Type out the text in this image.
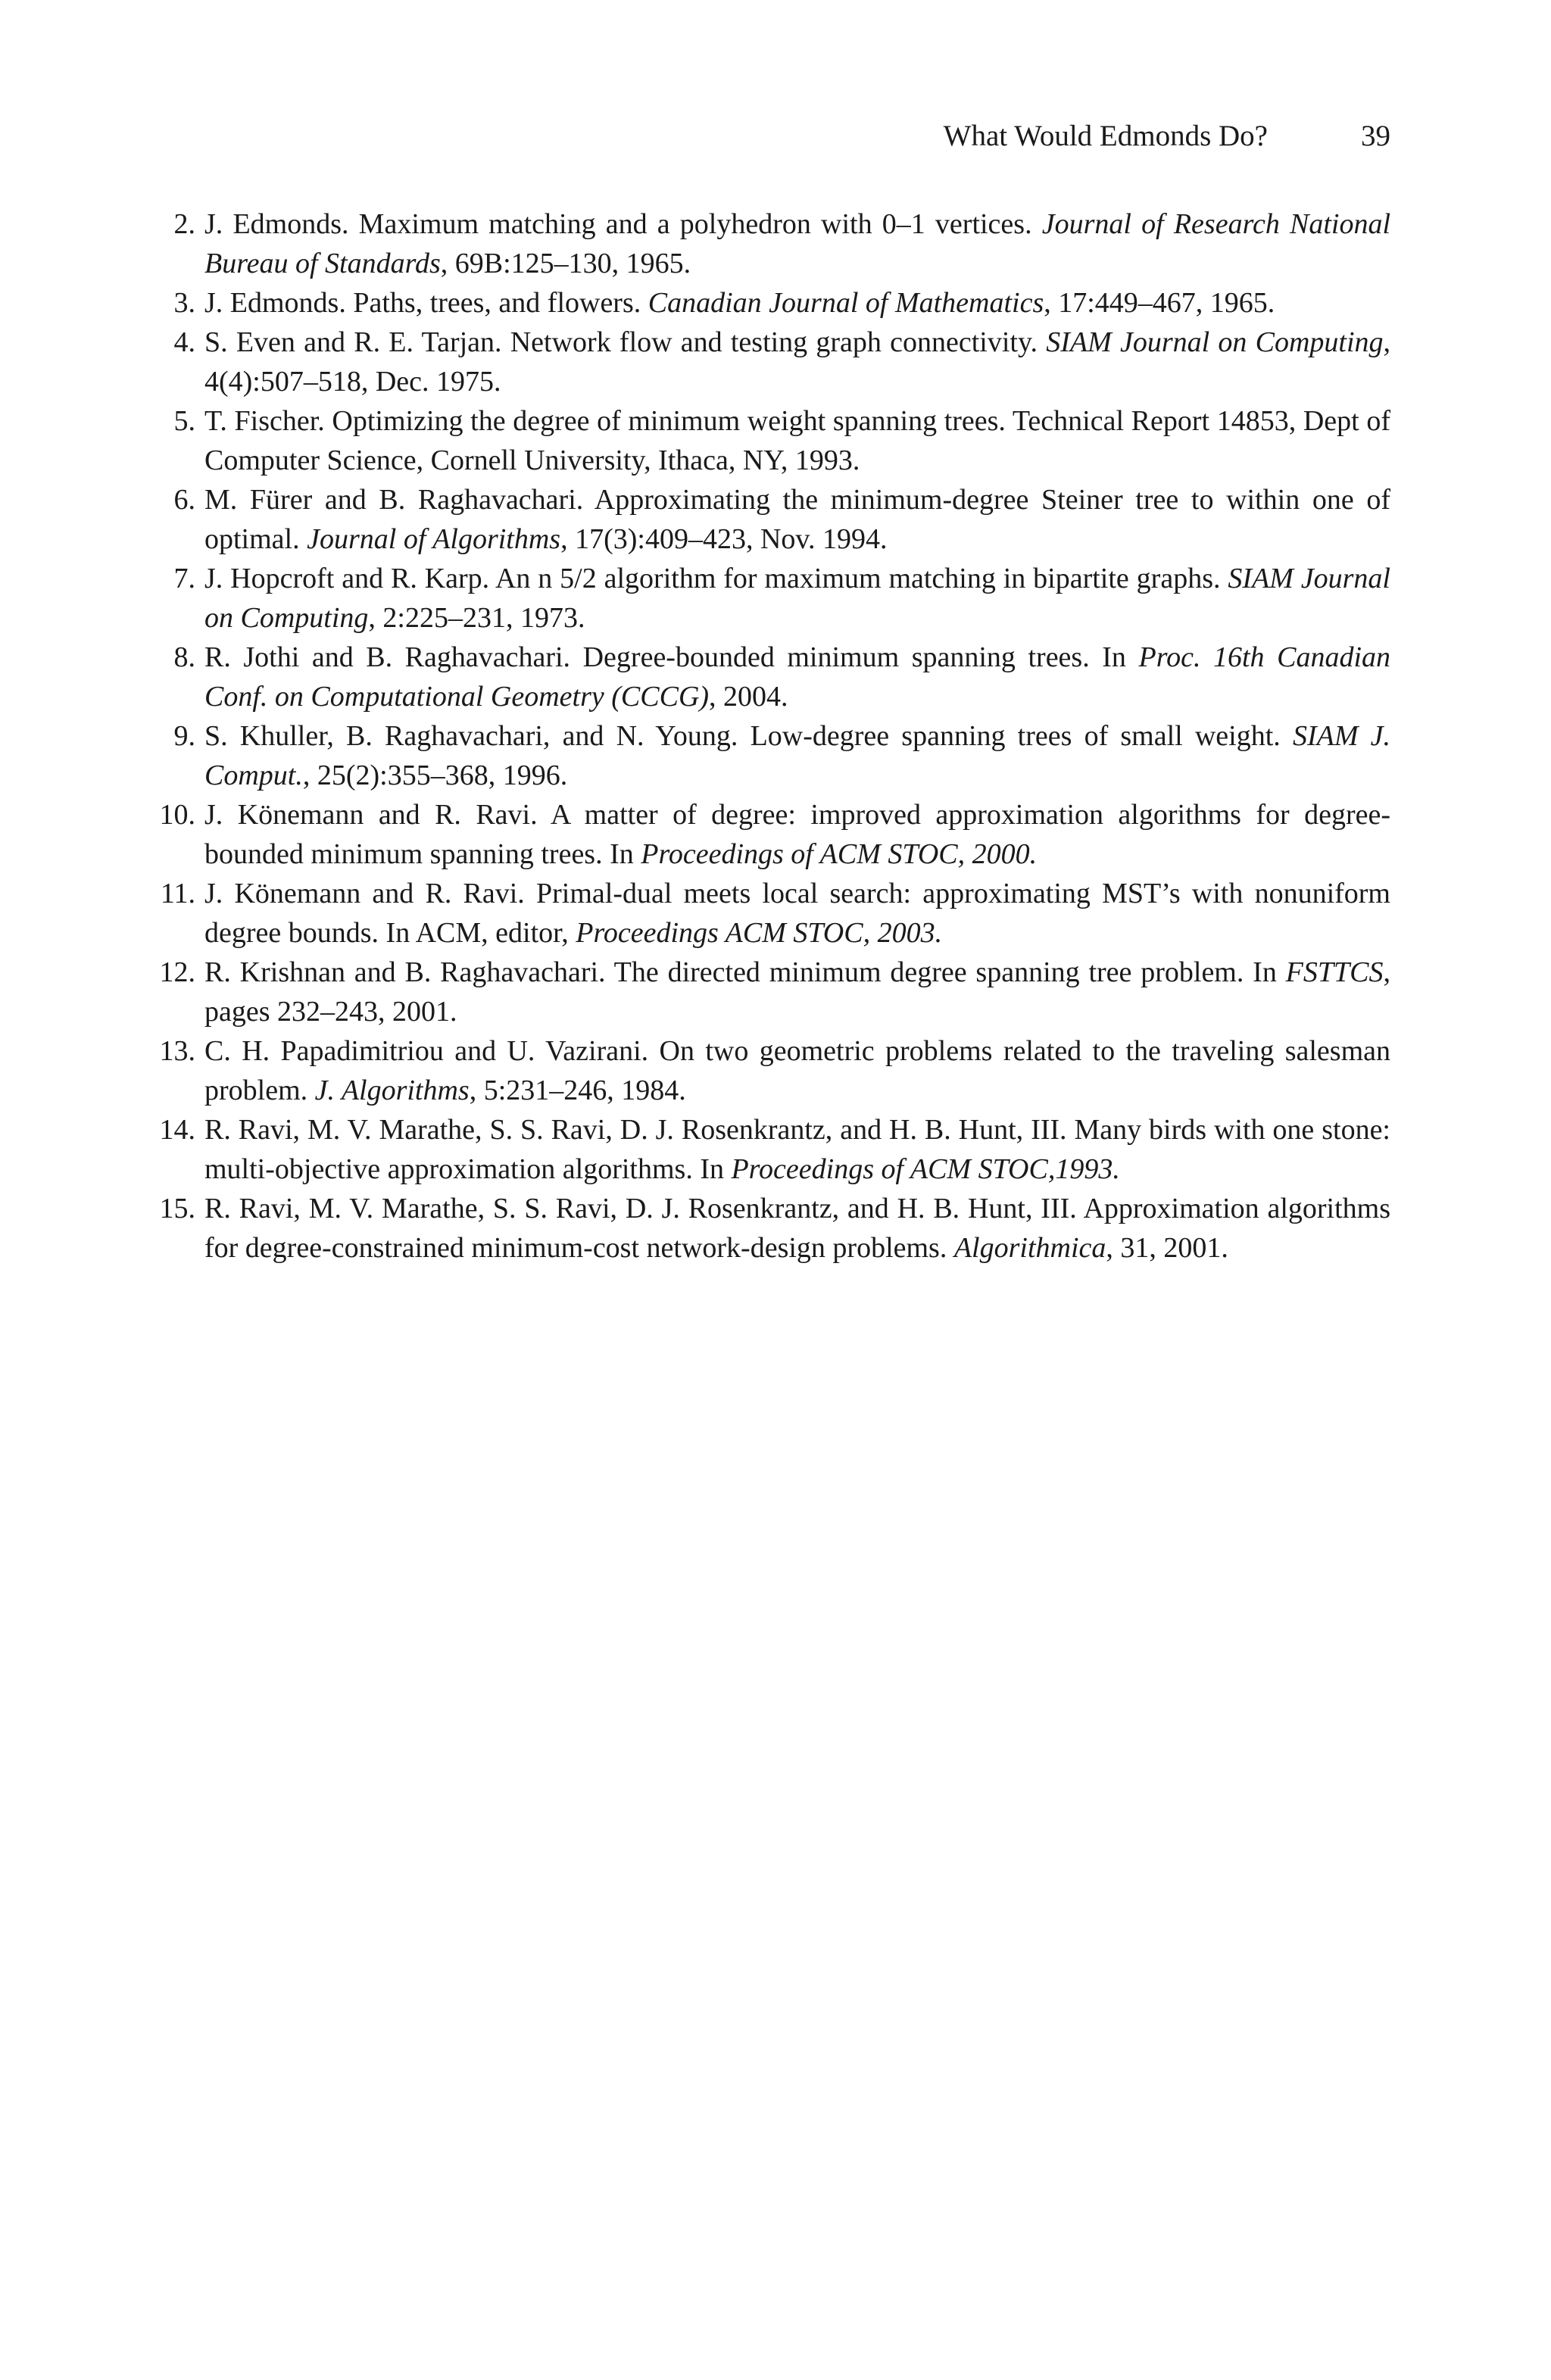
What Would Edmonds Do?	39
2. J. Edmonds. Maximum matching and a polyhedron with 0–1 vertices. Journal of Research National Bureau of Standards, 69B:125–130, 1965.
3. J. Edmonds. Paths, trees, and flowers. Canadian Journal of Mathematics, 17:449–467, 1965.
4. S. Even and R. E. Tarjan. Network flow and testing graph connectivity. SIAM Journal on Computing, 4(4):507–518, Dec. 1975.
5. T. Fischer. Optimizing the degree of minimum weight spanning trees. Technical Report 14853, Dept of Computer Science, Cornell University, Ithaca, NY, 1993.
6. M. Fürer and B. Raghavachari. Approximating the minimum-degree Steiner tree to within one of optimal. Journal of Algorithms, 17(3):409–423, Nov. 1994.
7. J. Hopcroft and R. Karp. An n 5/2 algorithm for maximum matching in bipartite graphs. SIAM Journal on Computing, 2:225–231, 1973.
8. R. Jothi and B. Raghavachari. Degree-bounded minimum spanning trees. In Proc. 16th Canadian Conf. on Computational Geometry (CCCG), 2004.
9. S. Khuller, B. Raghavachari, and N. Young. Low-degree spanning trees of small weight. SIAM J. Comput., 25(2):355–368, 1996.
10. J. Könemann and R. Ravi. A matter of degree: improved approximation algorithms for degree-bounded minimum spanning trees. In Proceedings of ACM STOC, 2000.
11. J. Könemann and R. Ravi. Primal-dual meets local search: approximating MST’s with nonuniform degree bounds. In ACM, editor, Proceedings ACM STOC, 2003.
12. R. Krishnan and B. Raghavachari. The directed minimum degree spanning tree problem. In FSTTCS, pages 232–243, 2001.
13. C. H. Papadimitriou and U. Vazirani. On two geometric problems related to the traveling salesman problem. J. Algorithms, 5:231–246, 1984.
14. R. Ravi, M. V. Marathe, S. S. Ravi, D. J. Rosenkrantz, and H. B. Hunt, III. Many birds with one stone: multi-objective approximation algorithms. In Proceedings of ACM STOC,1993.
15. R. Ravi, M. V. Marathe, S. S. Ravi, D. J. Rosenkrantz, and H. B. Hunt, III. Approximation algorithms for degree-constrained minimum-cost network-design problems. Algorithmica, 31, 2001.
